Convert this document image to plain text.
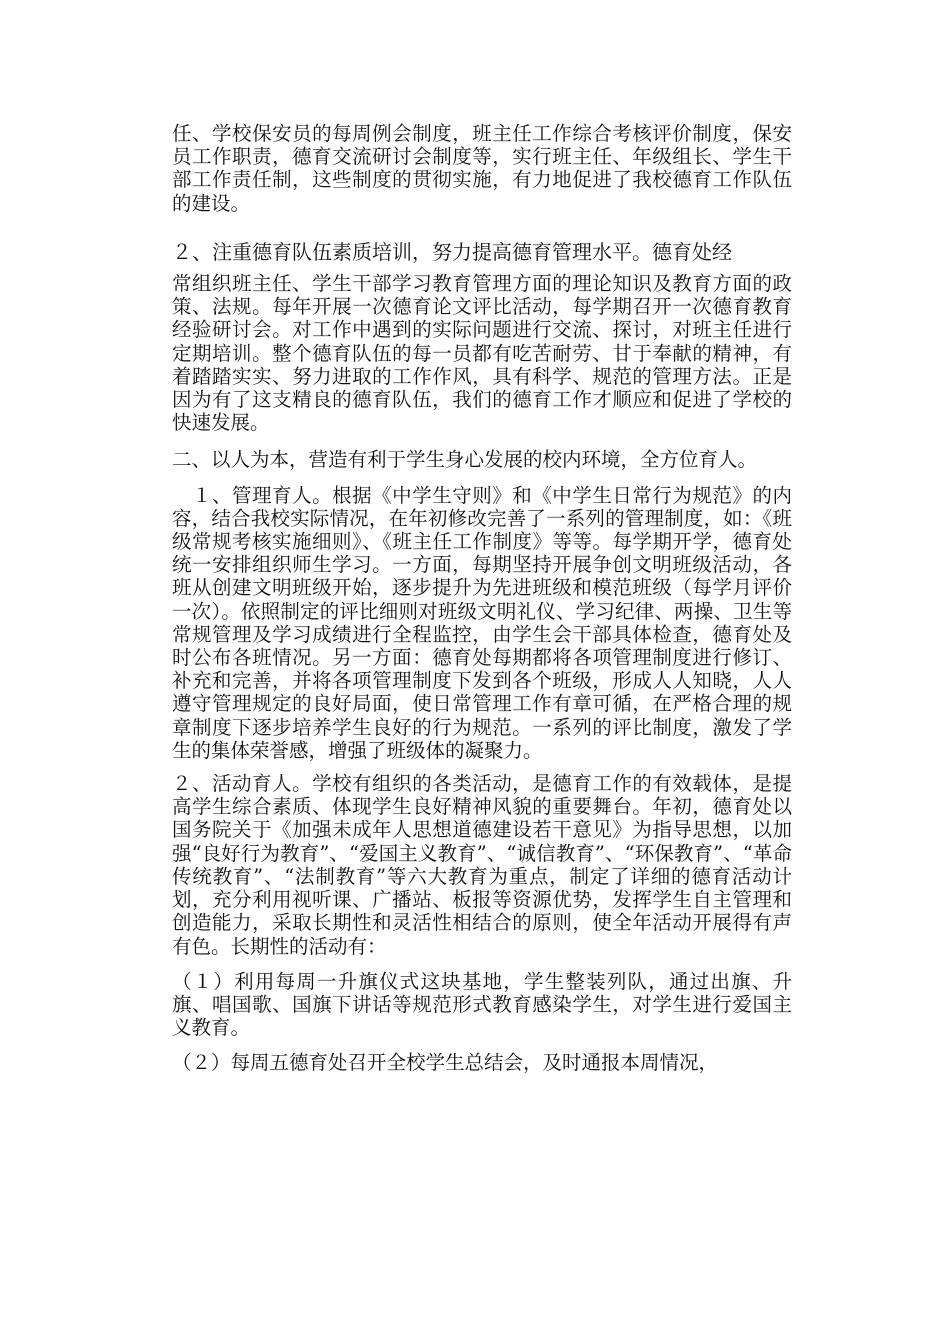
任、学校保安员的每周例会制度，班主任工作综合考核评价制度，保安员工作职责，德育交流研讨会制度等，实行班主任、年级组长、学生干部工作责任制，这些制度的贯彻实施，有力地促进了我校德育工作队伍的建设。

２、注重德育队伍素质培训，努力提高德育管理水平。德育处经

常组织班主任、学生干部学习教育管理方面的理论知识及教育方面的政策、法规。每年开展一次德育论文评比活动，每学期召开一次德育教育经验研讨会。对工作中遇到的实际问题进行交流、探讨，对班主任进行定期培训。整个德育队伍的每一员都有吃苦耐劳、甘于奉献的精神，有着踏踏实实、努力进取的工作作风，具有科学、规范的管理方法。正是因为有了这支精良的德育队伍，我们的德育工作才顺应和促进了学校的快速发展。

二、以人为本，营造有利于学生身心发展的校内环境，全方位育人。

　１、管理育人。根据《中学生守则》和《中学生日常行为规范》的内容，结合我校实际情况，在年初修改完善了一系列的管理制度，如：《班级常规考核实施细则》、《班主任工作制度》等等。每学期开学，德育处统一安排组织师生学习。一方面，每期坚持开展争创文明班级活动，各班从创建文明班级开始，逐步提升为先进班级和模范班级（每学月评价一次）。依照制定的评比细则对班级文明礼仪、学习纪律、两操、卫生等常规管理及学习成绩进行全程监控，由学生会干部具体检查，德育处及时公布各班情况。另一方面：德育处每期都将各项管理制度进行修订、补充和完善，并将各项管理制度下发到各个班级，形成人人知晓，人人遵守管理规定的良好局面，使日常管理工作有章可循，在严格合理的规章制度下逐步培养学生良好的行为规范。一系列的评比制度，激发了学生的集体荣誉感，增强了班级体的凝聚力。

２、活动育人。学校有组织的各类活动，是德育工作的有效载体，是提高学生综合素质、体现学生良好精神风貌的重要舞台。年初，德育处以国务院关于《加强未成年人思想道德建设若干意见》为指导思想，以加强“良好行为教育”、“爱国主义教育”、“诚信教育”、“环保教育”、“革命传统教育”、“法制教育”等六大教育为重点，制定了详细的德育活动计划，充分利用视听课、广播站、板报等资源优势，发挥学生自主管理和创造能力，采取长期性和灵活性相结合的原则，使全年活动开展得有声有色。长期性的活动有：

（１）利用每周一升旗仪式这块基地，学生整装列队，通过出旗、升旗、唱国歌、国旗下讲话等规范形式教育感染学生，对学生进行爱国主义教育。

（２）每周五德育处召开全校学生总结会，及时通报本周情况，
